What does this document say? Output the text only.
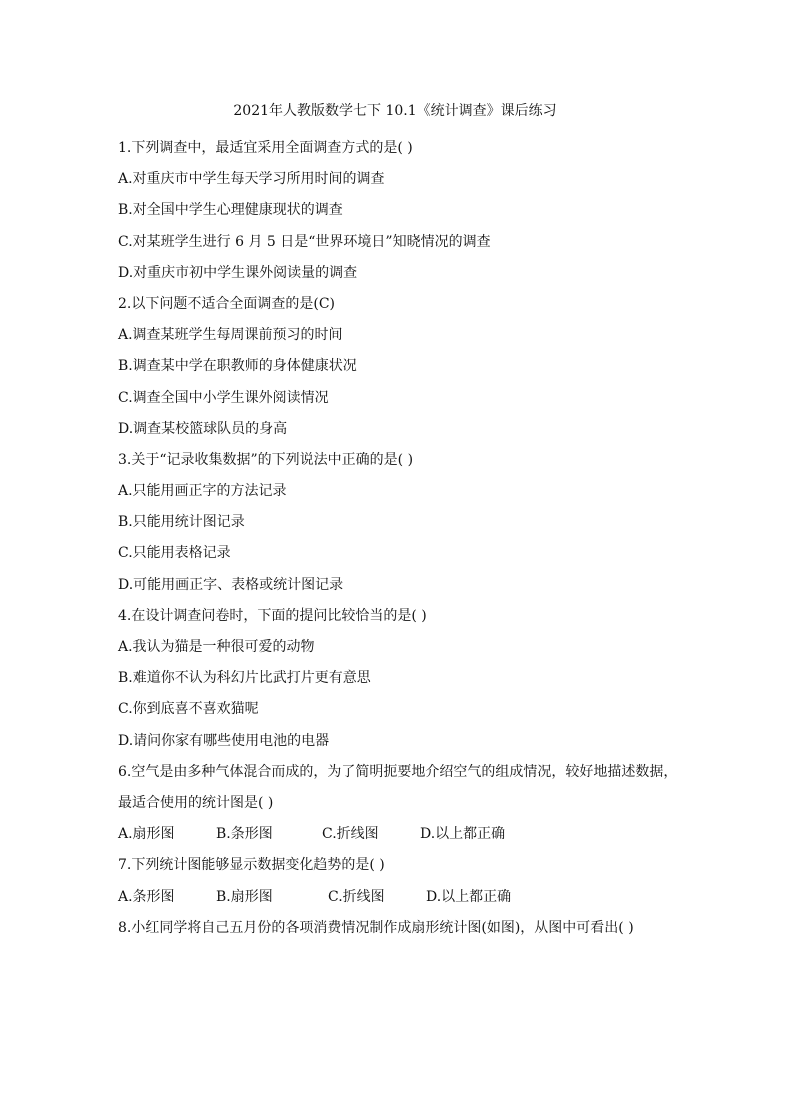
2021年人教版数学七下 10.1《统计调查》课后练习
1.下列调查中，最适宜采用全面调查方式的是( )
A.对重庆市中学生每天学习所用时间的调查
B.对全国中学生心理健康现状的调查
C.对某班学生进行 6 月 5 日是“世界环境日”知晓情况的调查
D.对重庆市初中学生课外阅读量的调查
2.以下问题不适合全面调查的是(C)
A.调查某班学生每周课前预习的时间
B.调查某中学在职教师的身体健康状况
C.调查全国中小学生课外阅读情况
D.调查某校篮球队员的身高
3.关于“记录收集数据”的下列说法中正确的是( )
A.只能用画正字的方法记录
B.只能用统计图记录
C.只能用表格记录
D.可能用画正字、表格或统计图记录
4.在设计调查问卷时，下面的提问比较恰当的是( )
A.我认为猫是一种很可爱的动物
B.难道你不认为科幻片比武打片更有意思
C.你到底喜不喜欢猫呢
D.请问你家有哪些使用电池的电器
6.空气是由多种气体混合而成的，为了简明扼要地介绍空气的组成情况，较好地描述数据，
最适合使用的统计图是( )
A.扇形图	B.条形图	C.折线图	D.以上都正确
7.下列统计图能够显示数据变化趋势的是( )
A.条形图	B.扇形图	C.折线图	D.以上都正确
8.小红同学将自己五月份的各项消费情况制作成扇形统计图(如图)，从图中可看出( )
